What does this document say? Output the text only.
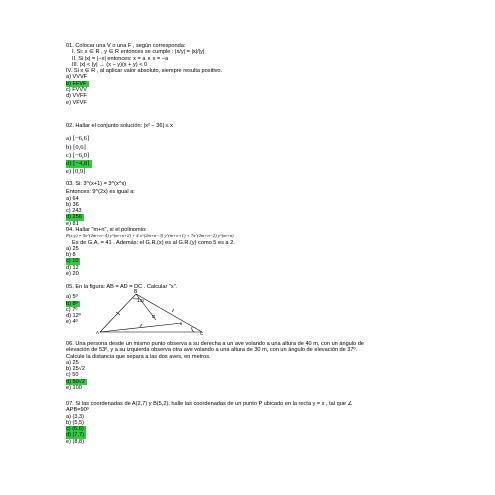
01. Colocar una V o una F , según corresponda:
I. Si: x ∈ R , y ∈ R entonces se cumple : |x/y| = |x|/|y|
II. Si |x| = |−x| entonces: x = a ∧ x = −a
III. |x| < |y| → (x − y)(x + y) < 0
IV. Si x ∈ R , al aplicar valor absoluto, siempre resulta positivo.
a) VVVF
b) FFVF
c) FVVV
d) VVFF
e) VFVF
02. Hallar el conjunto solución: |x² − 36| ≤ x
a) [−6,6]
b) [0,6]
c) [−6,0]
d) [−4,8]
e) [0,9]
03. Si: 3^(x+1) = 3^(x^x)
Entonces: 9^(2x) es igual a:
a) 64
b) 36
c) 243
d) 256
e) 81
04. Hallar "m+n", si el polinomio:
P(x;y) = 5x^(2m+n−4) y^(m+n+2) + 4 x^(2m+n−3) y^(m+n+1) + 7x^(2m+n−2) y^(m+n)
Es de G.A. = 41 . Además: el G.R.(x) es al G.R.(y) como 5 es a 2.
a) 25
b) 8
c) 10
d) 12
e) 20
05. En la figura: AB = AD = DC . Calcular "x".
a) 5º
b) 8º
c) 7º
d) 12º
e) 4º
B
13x
D
x
A	C
06. Una persona desde un mismo punto observa a su derecha a un ave volando a una altura de 40 m, con un ángulo de
elevación de 53º, y a su izquierda observa otra ave volando a una altura de 30 m, con un ángulo de elevación de 37º.
Calcule la distancia que separa a las dos aves, en metros.
a) 25
b) 25√2
c) 50
d) 50√2
e) 100
07. Si las coordenadas de A(2,7) y B(5,2), halle las coordenadas de un punto P ubicado en la recta y = x , tal que ∠
APB=90º
a) (3,3)
b) (5,5)
c) (6,6)
d) (7,7)
e) (8,8)
